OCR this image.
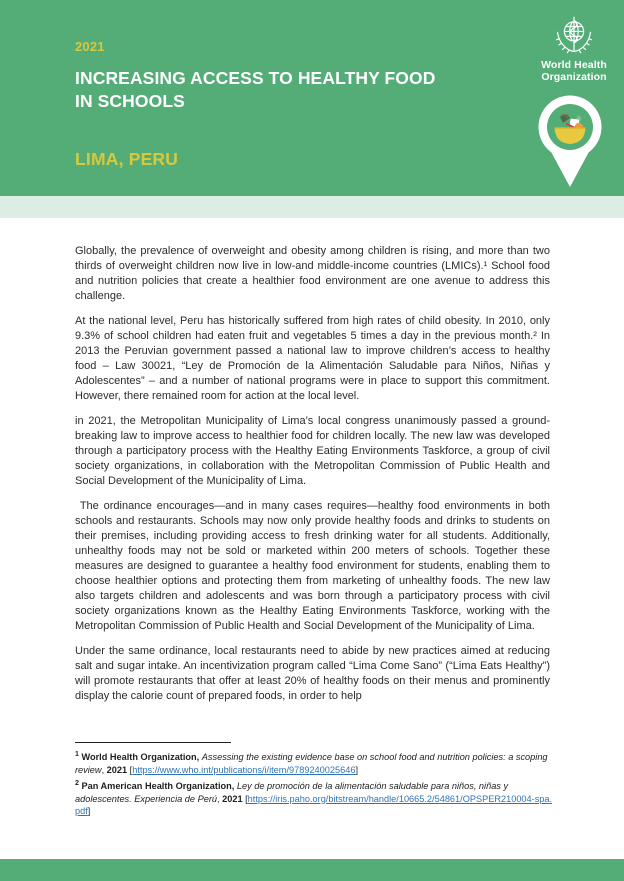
2021
INCREASING ACCESS TO HEALTHY FOOD
IN SCHOOLS
LIMA, PERU
World Health
Organization

Globally, the prevalence of overweight and obesity among children is rising, and more than two thirds of overweight children now live in low-and middle-income countries (LMICs).¹ School food and nutrition policies that create a healthier food environment are one avenue to address this challenge.

At the national level, Peru has historically suffered from high rates of child obesity. In 2010, only 9.3% of school children had eaten fruit and vegetables 5 times a day in the previous month.² In 2013 the Peruvian government passed a national law to improve children’s access to healthy food – Law 30021, “Ley de Promoción de la Alimentación Saludable para Niños, Niñas y Adolescentes” – and a number of national programs were in place to support this commitment. However, there remained room for action at the local level.

in 2021, the Metropolitan Municipality of Lima’s local congress unanimously passed a ground-breaking law to improve access to healthier food for children locally. The new law was developed through a participatory process with the Healthy Eating Environments Taskforce, a group of civil society organizations, in collaboration with the Metropolitan Commission of Public Health and Social Development of the Municipality of Lima.

The ordinance encourages—and in many cases requires—healthy food environments in both schools and restaurants. Schools may now only provide healthy foods and drinks to students on their premises, including providing access to fresh drinking water for all students. Additionally, unhealthy foods may not be sold or marketed within 200 meters of schools. Together these measures are designed to guarantee a healthy food environment for students, enabling them to choose healthier options and protecting them from marketing of unhealthy foods. The new law also targets children and adolescents and was born through a participatory process with civil society organizations known as the Healthy Eating Environments Taskforce, working with the Metropolitan Commission of Public Health and Social Development of the Municipality of Lima.

Under the same ordinance, local restaurants need to abide by new practices aimed at reducing salt and sugar intake. An incentivization program called “Lima Come Sano” (“Lima Eats Healthy”) will promote restaurants that offer at least 20% of healthy foods on their menus and prominently display the calorie count of prepared foods, in order to help

$^1$ World Health Organization, Assessing the existing evidence base on school food and nutrition policies: a scoping review, 2021 [https://www.who.int/publications/i/item/9789240025646]

$^2$ Pan American Health Organization, Ley de promoción de la alimentación saludable para niños, niñas y adolescentes. Experiencia de Perú, 2021 [https://iris.paho.org/bitstream/handle/10665.2/54861/OPSPER210004-spa.pdf]
